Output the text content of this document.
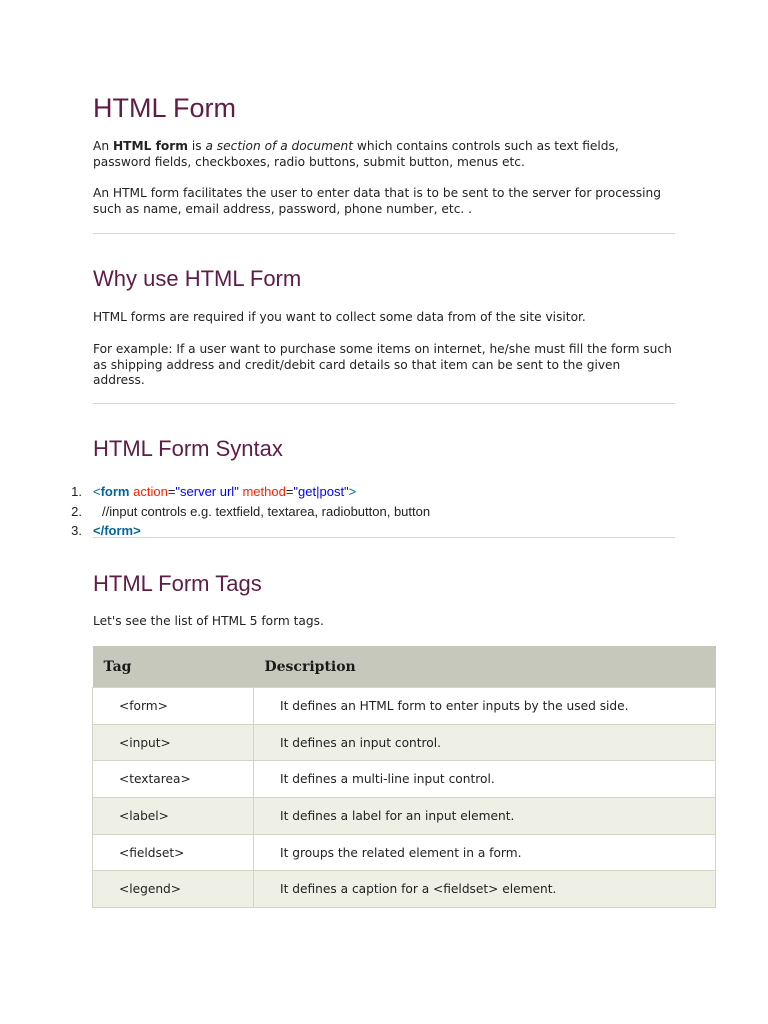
HTML Form

An HTML form is a section of a document which contains controls such as text fields, password fields, checkboxes, radio buttons, submit button, menus etc.

An HTML form facilitates the user to enter data that is to be sent to the server for processing such as name, email address, password, phone number, etc. .

Why use HTML Form

HTML forms are required if you want to collect some data from of the site visitor.

For example: If a user want to purchase some items on internet, he/she must fill the form such as shipping address and credit/debit card details so that item can be sent to the given address.

HTML Form Syntax
1. <form action="server url" method="get|post">
2.	//input controls e.g. textfield, textarea, radiobutton, button
3. </form>
HTML Form Tags

Let's see the list of HTML 5 form tags.

Tag	Description
<form>	It defines an HTML form to enter inputs by the used side.
<input>	It defines an input control.
<textarea>	It defines a multi-line input control.
<label>	It defines a label for an input element.
<fieldset>	It groups the related element in a form.
<legend>	It defines a caption for a <fieldset> element.
